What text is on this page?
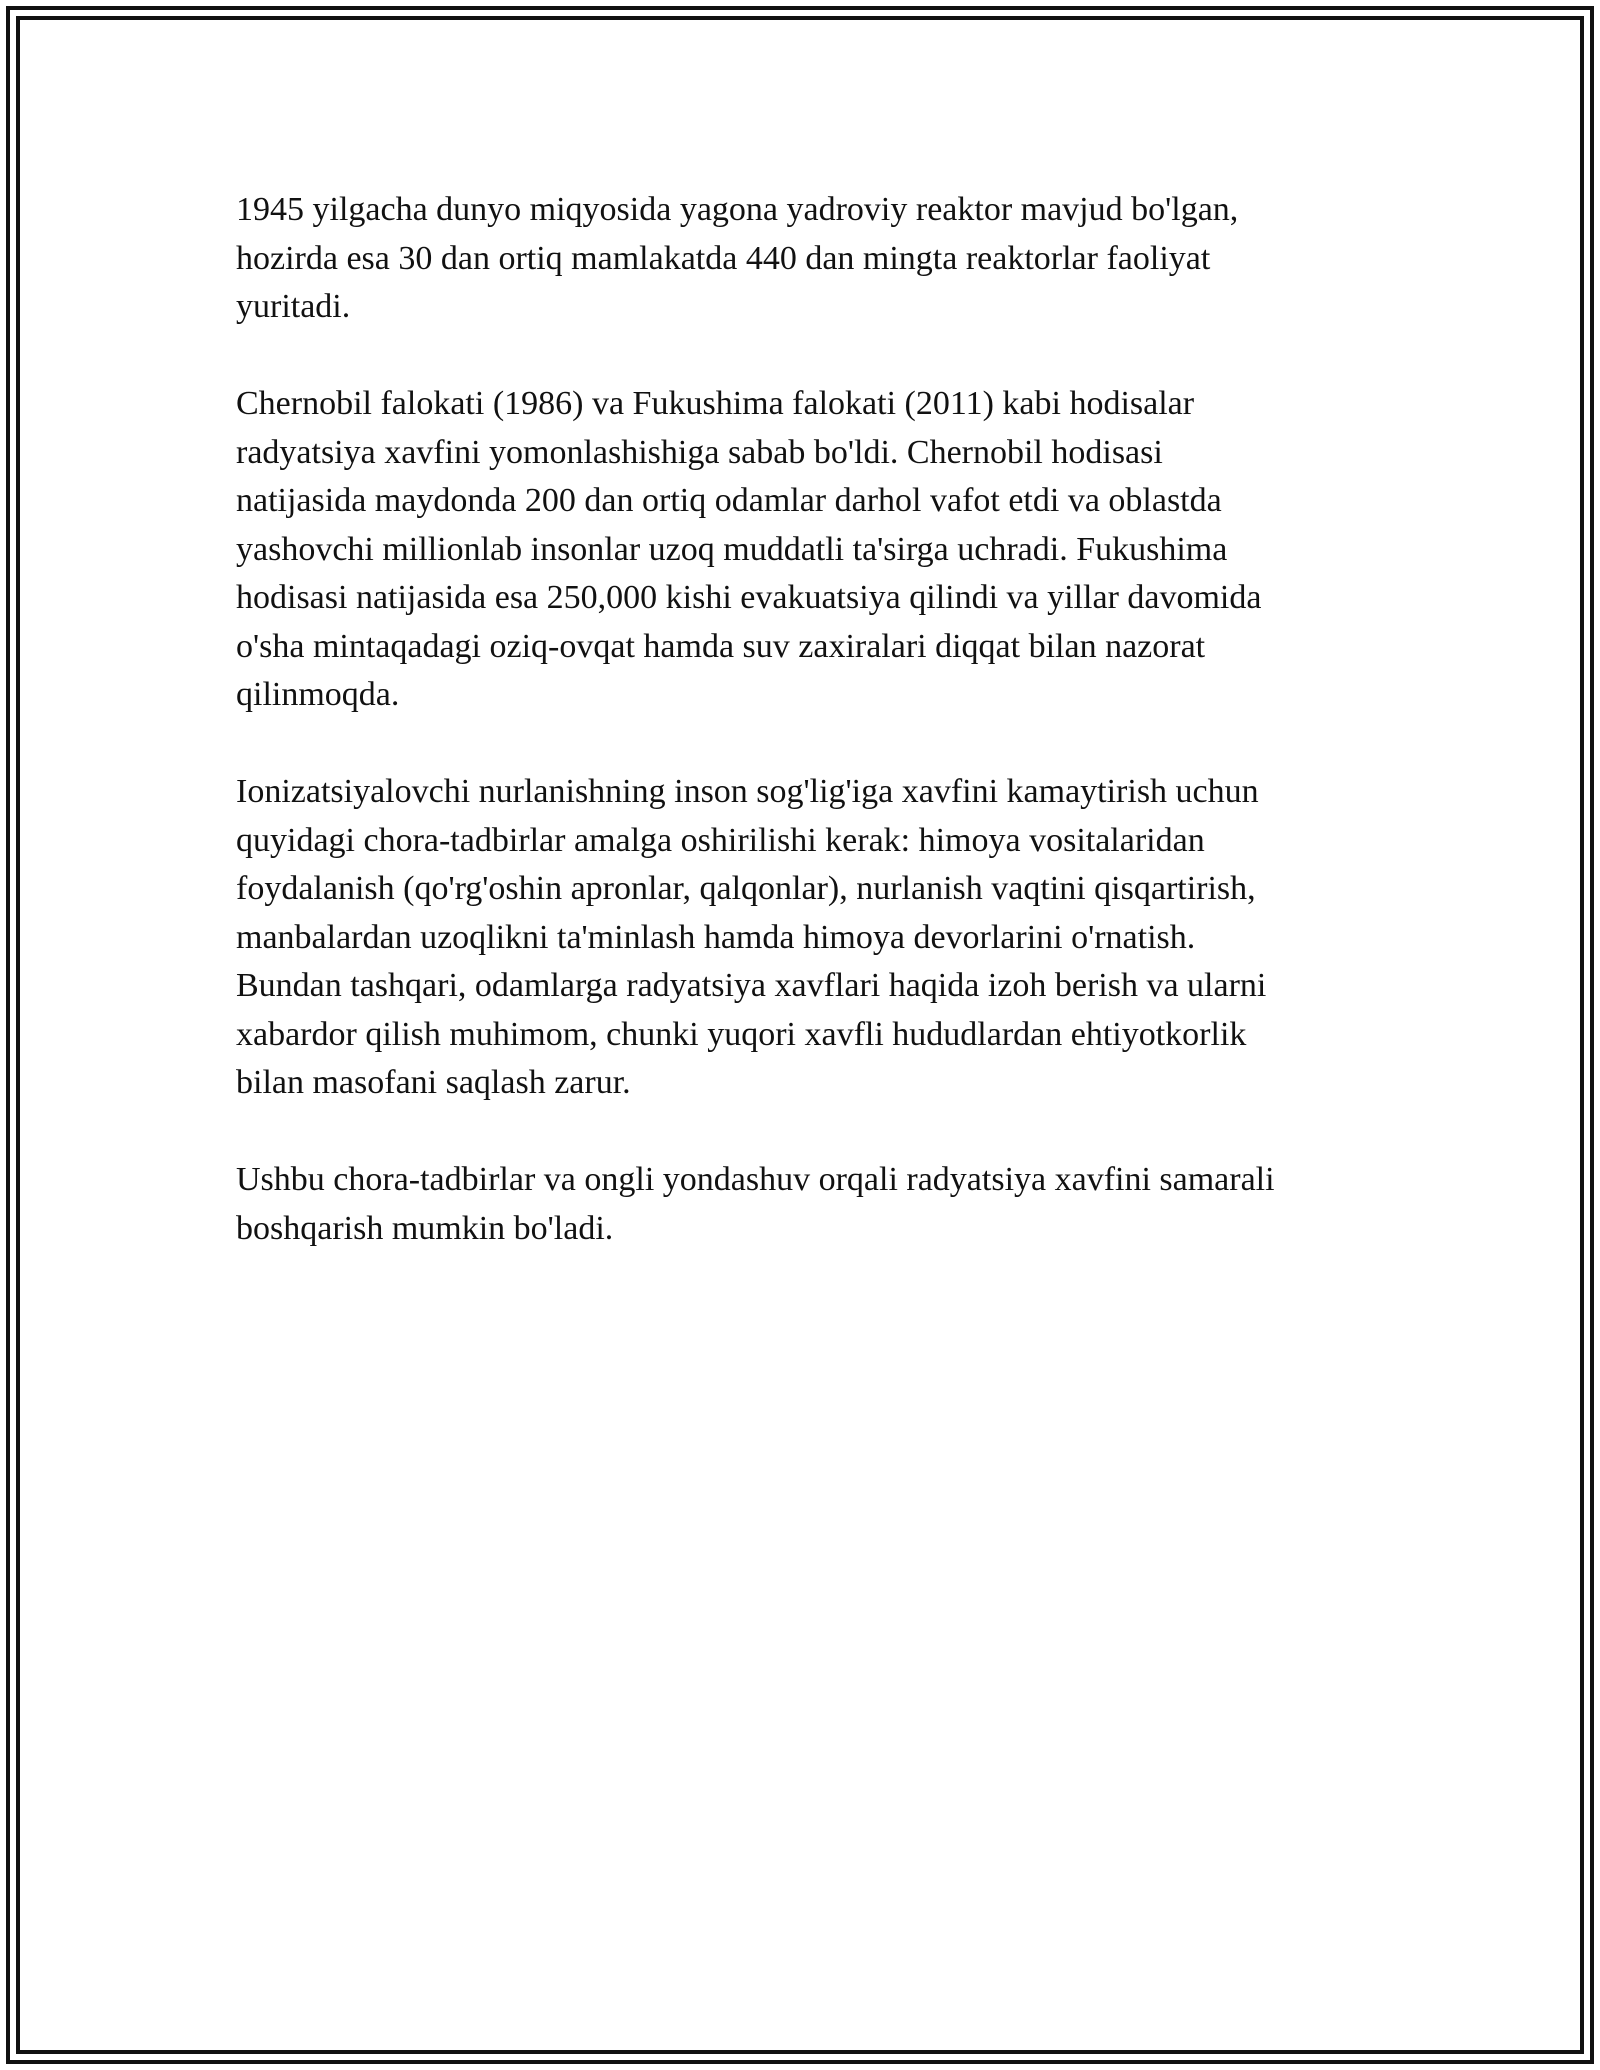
1945 yilgacha dunyo miqyosida yagona yadroviy reaktor mavjud bo'lgan,
hozirda esa 30 dan ortiq mamlakatda 440 dan mingta reaktorlar faoliyat
yuritadi.

Chernobil falokati (1986) va Fukushima falokati (2011) kabi hodisalar
radyatsiya xavfini yomonlashishiga sabab bo'ldi. Chernobil hodisasi
natijasida maydonda 200 dan ortiq odamlar darhol vafot etdi va oblastda
yashovchi millionlab insonlar uzoq muddatli ta'sirga uchradi. Fukushima
hodisasi natijasida esa 250,000 kishi evakuatsiya qilindi va yillar davomida
o'sha mintaqadagi oziq-ovqat hamda suv zaxiralari diqqat bilan nazorat
qilinmoqda.

Ionizatsiyalovchi nurlanishning inson sog'lig'iga xavfini kamaytirish uchun
quyidagi chora-tadbirlar amalga oshirilishi kerak: himoya vositalaridan
foydalanish (qo'rg'oshin apronlar, qalqonlar), nurlanish vaqtini qisqartirish,
manbalardan uzoqlikni ta'minlash hamda himoya devorlarini o'rnatish.
Bundan tashqari, odamlarga radyatsiya xavflari haqida izoh berish va ularni
xabardor qilish muhimom, chunki yuqori xavfli hududlardan ehtiyotkorlik
bilan masofani saqlash zarur.

Ushbu chora-tadbirlar va ongli yondashuv orqali radyatsiya xavfini samarali
boshqarish mumkin bo'ladi.
